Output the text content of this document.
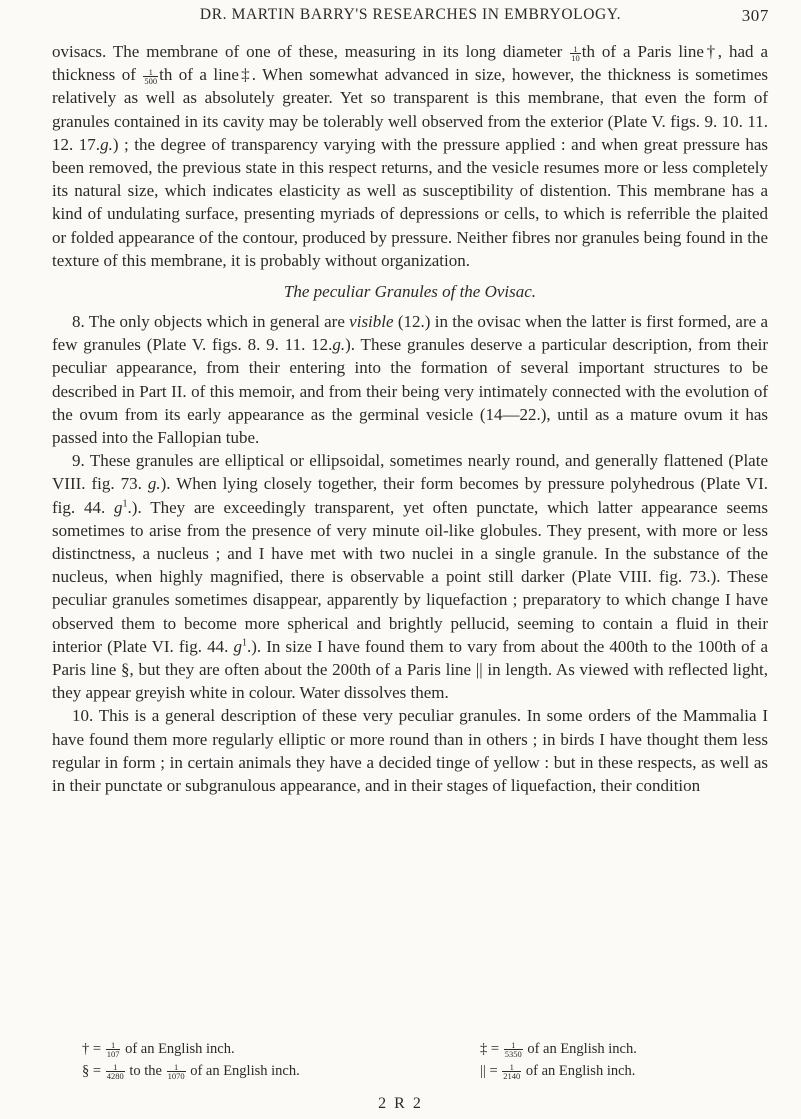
DR. MARTIN BARRY'S RESEARCHES IN EMBRYOLOGY.	307

ovisacs. The membrane of one of these, measuring in its long diameter $\frac{1}{10}$ th of a Paris line†, had a thickness of $\frac{1}{500}$ th of a line‡. When somewhat advanced in size, however, the thickness is sometimes relatively as well as absolutely greater. Yet so transparent is this membrane, that even the form of granules contained in its cavity may be tolerably well observed from the exterior (Plate V. figs. 9. 10. 11. 12. 17.g.) ; the degree of transparency varying with the pressure applied : and when great pressure has been removed, the previous state in this respect returns, and the vesicle resumes more or less completely its natural size, which indicates elasticity as well as susceptibility of distention. This membrane has a kind of undulating surface, presenting myriads of depressions or cells, to which is referrible the plaited or folded appearance of the contour, produced by pressure. Neither fibres nor granules being found in the texture of this membrane, it is probably without organization.

The peculiar Granules of the Ovisac.

8. The only objects which in general are visible (12.) in the ovisac when the latter is first formed, are a few granules (Plate V. figs. 8. 9. 11. 12.g.). These granules deserve a particular description, from their peculiar appearance, from their entering into the formation of several important structures to be described in Part II. of this memoir, and from their being very intimately connected with the evolution of the ovum from its early appearance as the germinal vesicle (14—22.), until as a mature ovum it has passed into the Fallopian tube.

9. These granules are elliptical or ellipsoidal, sometimes nearly round, and generally flattened (Plate VIII. fig. 73. g.). When lying closely together, their form becomes by pressure polyhedrous (Plate VI. fig. 44. $g^1$.). They are exceedingly transparent, yet often punctate, which latter appearance seems sometimes to arise from the presence of very minute oil-like globules. They present, with more or less distinctness, a nucleus ; and I have met with two nuclei in a single granule. In the substance of the nucleus, when highly magnified, there is observable a point still darker (Plate VIII. fig. 73.). These peculiar granules sometimes disappear, apparently by liquefaction ; preparatory to which change I have observed them to become more spherical and brightly pellucid, seeming to contain a fluid in their interior (Plate VI. fig. 44. $g^1$.). In size I have found them to vary from about the 400th to the 100th of a Paris line §, but they are often about the 200th of a Paris line || in length. As viewed with reflected light, they appear greyish white in colour. Water dissolves them.

10. This is a general description of these very peculiar granules. In some orders of the Mammalia I have found them more regularly elliptic or more round than in others ; in birds I have thought them less regular in form ; in certain animals they have a decided tinge of yellow : but in these respects, as well as in their punctate or subgranulous appearance, and in their stages of liquefaction, their condition

† = $\frac{1}{107}$ of an English inch.	‡ = $\frac{1}{5350}$ of an English inch.
§ = $\frac{1}{4280}$ to the $\frac{1}{1070}$ of an English inch.	|| = $\frac{1}{2140}$ of an English inch.
2 R 2
